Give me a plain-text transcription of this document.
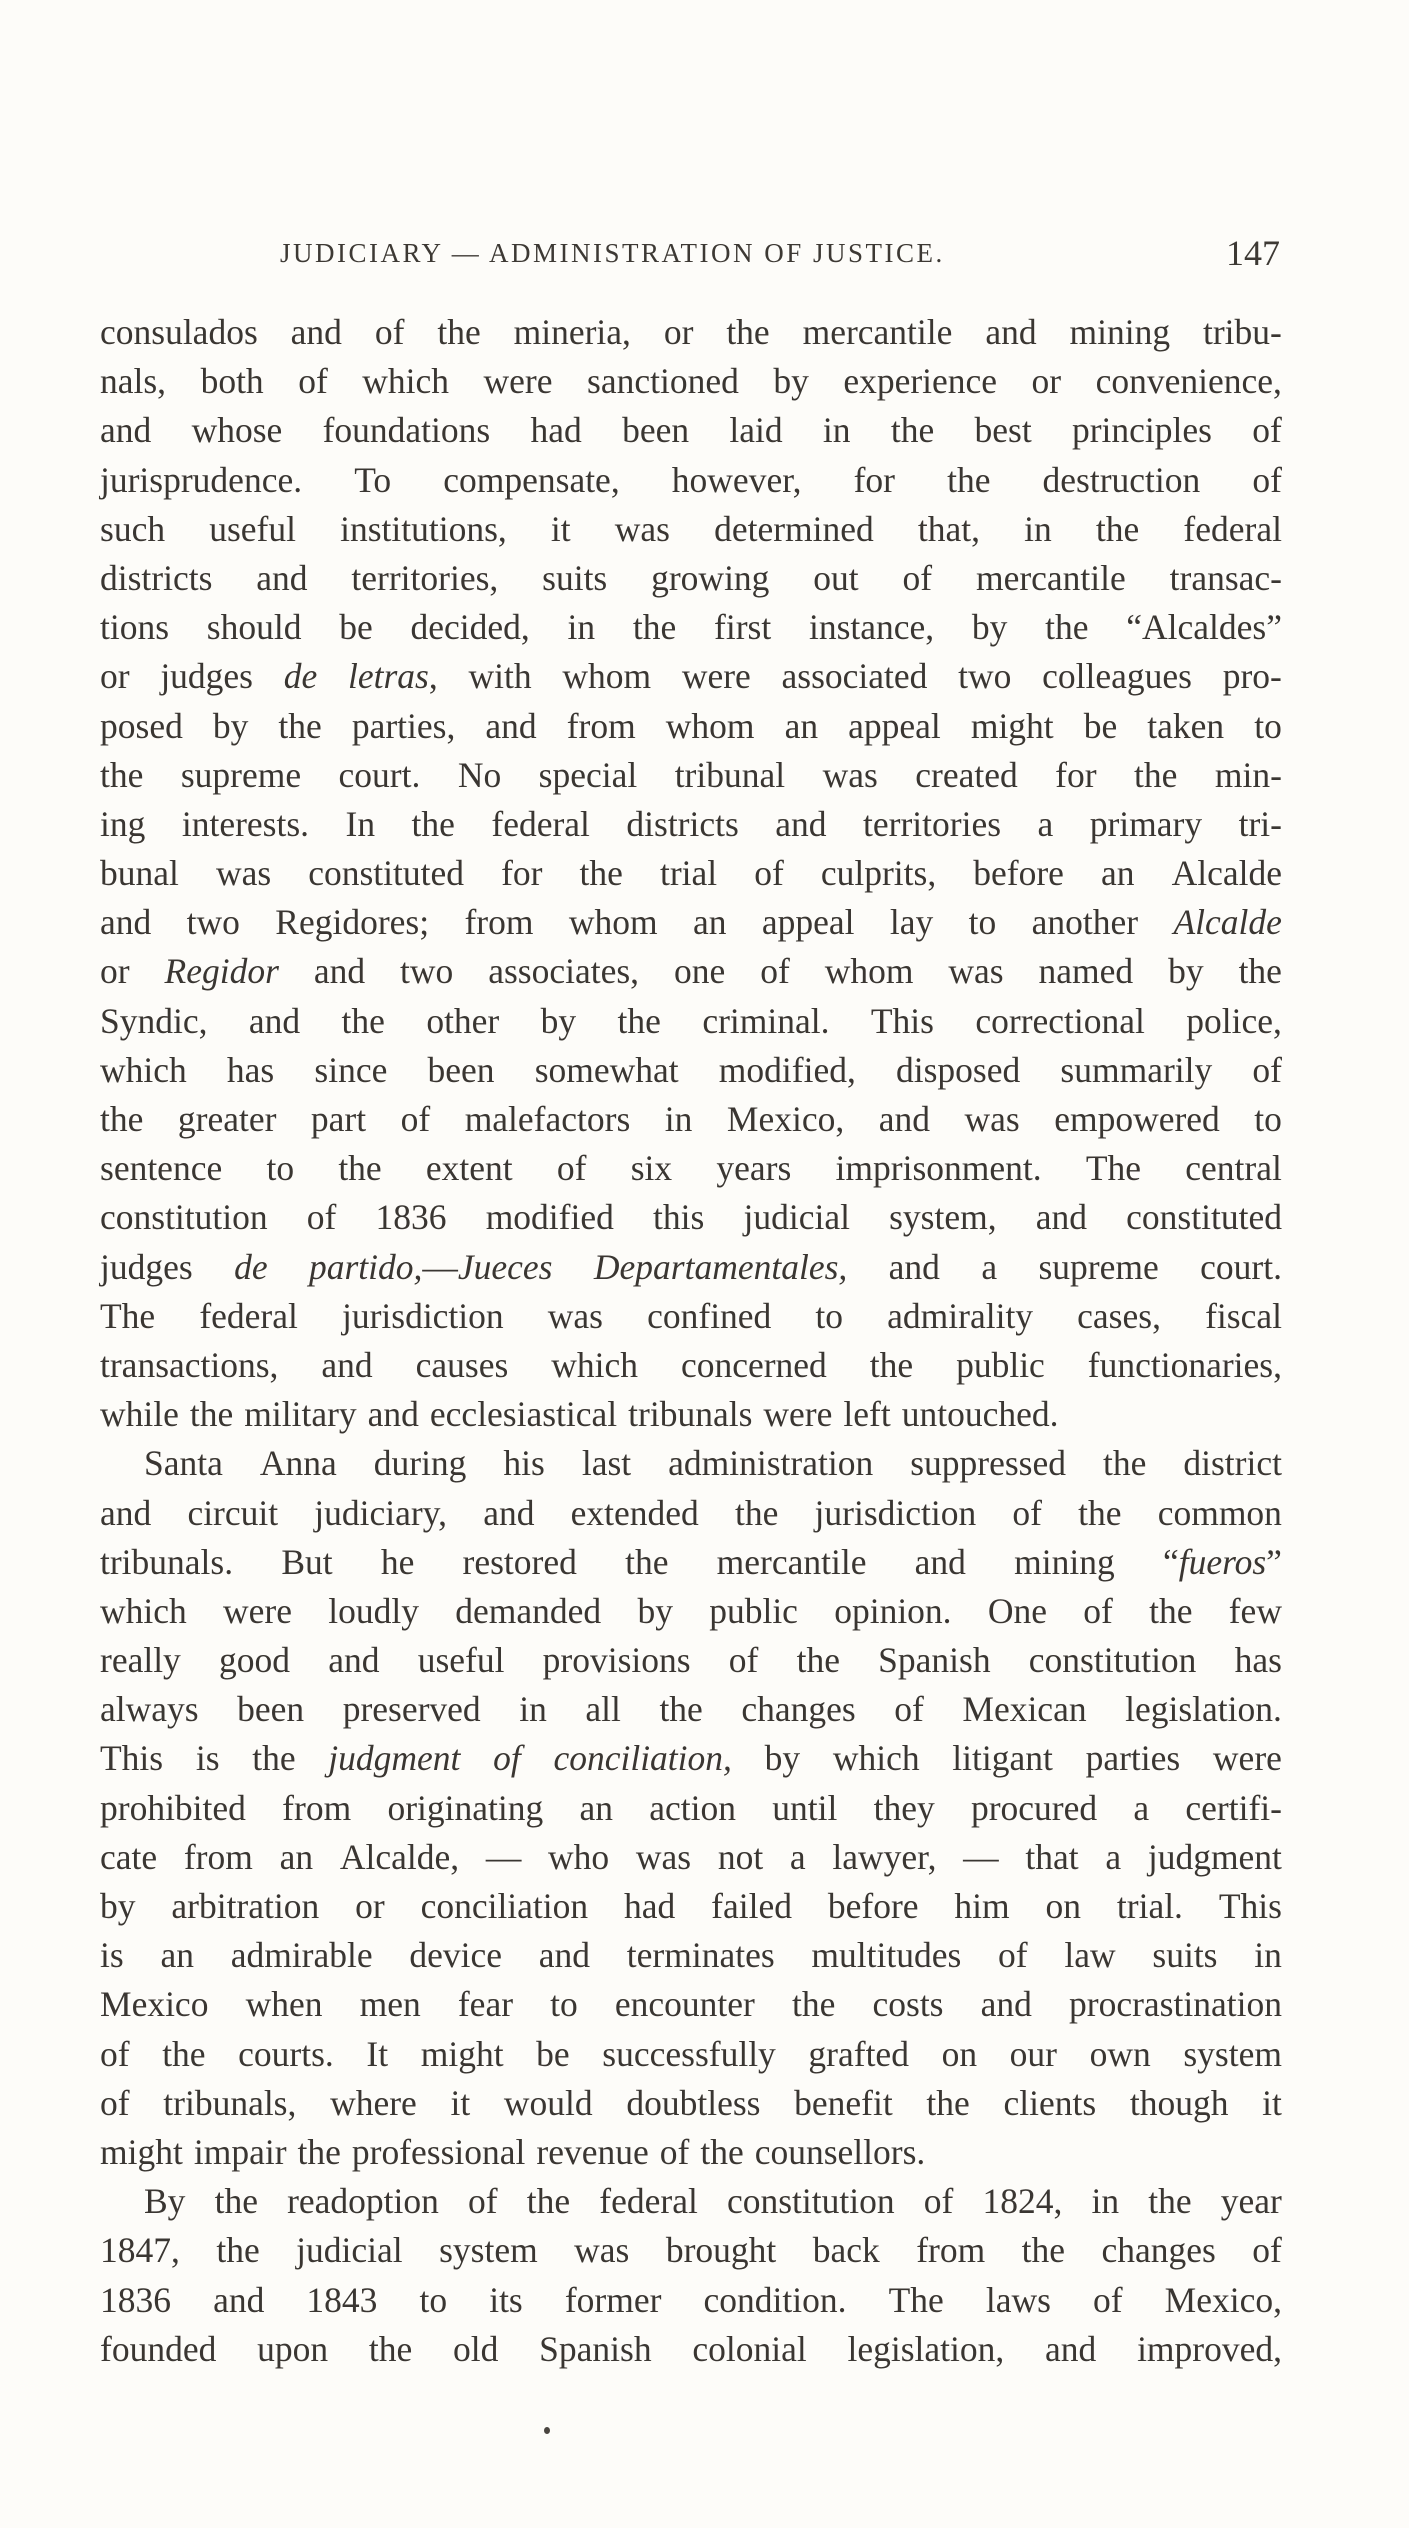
JUDICIARY — ADMINISTRATION OF JUSTICE.	147
consulados and of the mineria, or the mercantile and mining tribu-
nals, both of which were sanctioned by experience or convenience,
and whose foundations had been laid in the best principles of
jurisprudence. To compensate, however, for the destruction of
such useful institutions, it was determined that, in the federal
districts and territories, suits growing out of mercantile transac-
tions should be decided, in the first instance, by the “Alcaldes”
or judges de letras, with whom were associated two colleagues pro-
posed by the parties, and from whom an appeal might be taken to
the supreme court. No special tribunal was created for the min-
ing interests. In the federal districts and territories a primary tri-
bunal was constituted for the trial of culprits, before an Alcalde
and two Regidores; from whom an appeal lay to another Alcalde
or Regidor and two associates, one of whom was named by the
Syndic, and the other by the criminal. This correctional police,
which has since been somewhat modified, disposed summarily of
the greater part of malefactors in Mexico, and was empowered to
sentence to the extent of six years imprisonment. The central
constitution of 1836 modified this judicial system, and constituted
judges de partido,—Jueces Departamentales, and a supreme court.
The federal jurisdiction was confined to admirality cases, fiscal
transactions, and causes which concerned the public functionaries,
while the military and ecclesiastical tribunals were left untouched.
Santa Anna during his last administration suppressed the district
and circuit judiciary, and extended the jurisdiction of the common
tribunals. But he restored the mercantile and mining “fueros”
which were loudly demanded by public opinion. One of the few
really good and useful provisions of the Spanish constitution has
always been preserved in all the changes of Mexican legislation.
This is the judgment of conciliation, by which litigant parties were
prohibited from originating an action until they procured a certifi-
cate from an Alcalde, — who was not a lawyer, — that a judgment
by arbitration or conciliation had failed before him on trial. This
is an admirable device and terminates multitudes of law suits in
Mexico when men fear to encounter the costs and procrastination
of the courts. It might be successfully grafted on our own system
of tribunals, where it would doubtless benefit the clients though it
might impair the professional revenue of the counsellors.
By the readoption of the federal constitution of 1824, in the year
1847, the judicial system was brought back from the changes of
1836 and 1843 to its former condition. The laws of Mexico,
founded upon the old Spanish colonial legislation, and improved,
